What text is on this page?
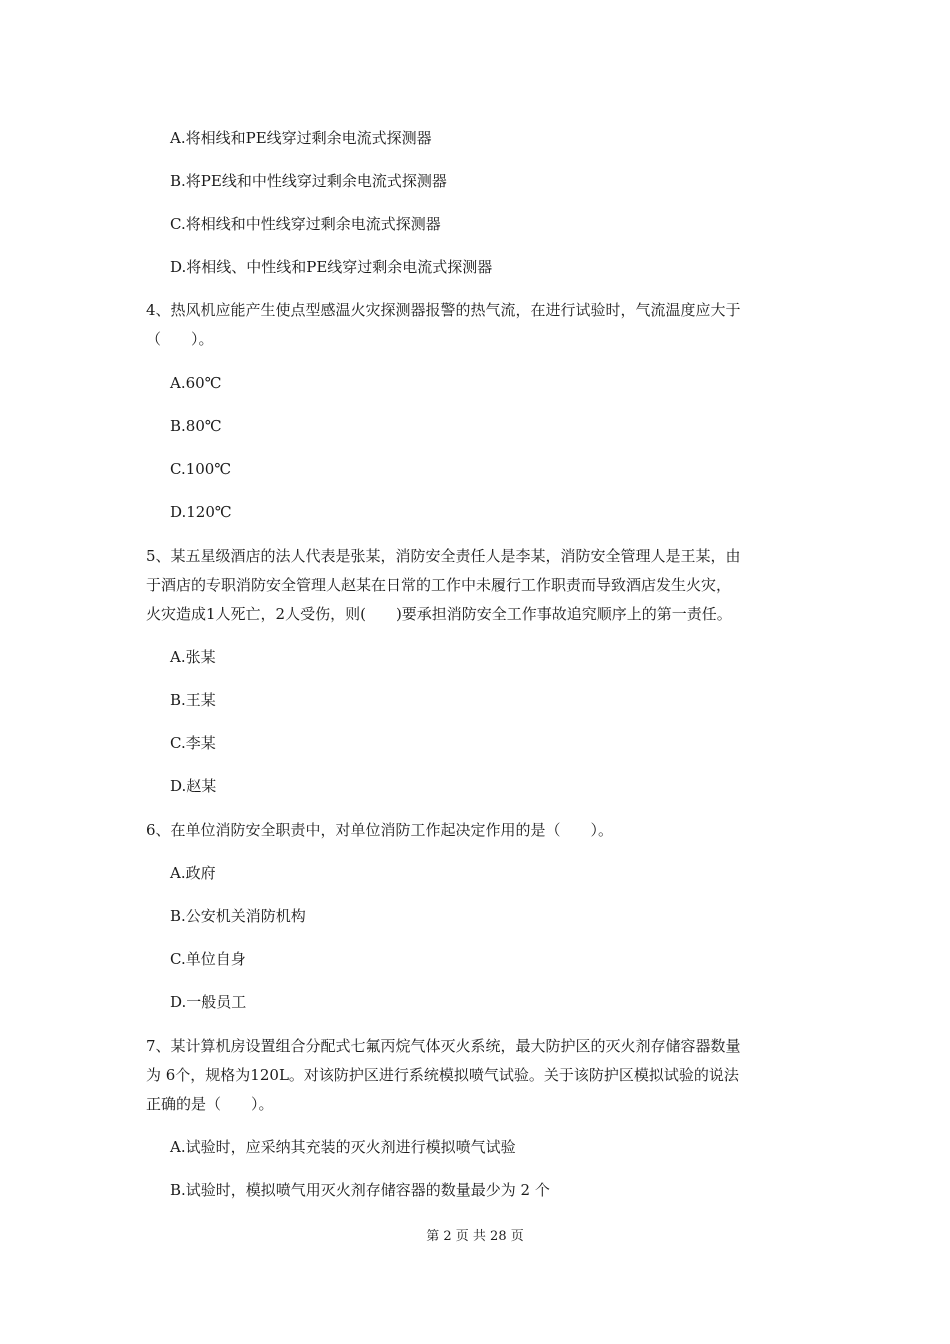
A.将相线和PE线穿过剩余电流式探测器
B.将PE线和中性线穿过剩余电流式探测器
C.将相线和中性线穿过剩余电流式探测器
D.将相线、中性线和PE线穿过剩余电流式探测器
4、热风机应能产生使点型感温火灾探测器报警的热气流，在进行试验时，气流温度应大于
（　　）。
A.60℃
B.80℃
C.100℃
D.120℃
5、某五星级酒店的法人代表是张某，消防安全责任人是李某，消防安全管理人是王某，由
于酒店的专职消防安全管理人赵某在日常的工作中未履行工作职责而导致酒店发生火灾，
火灾造成1人死亡，2人受伤，则(　　)要承担消防安全工作事故追究顺序上的第一责任。
A.张某
B.王某
C.李某
D.赵某
6、在单位消防安全职责中，对单位消防工作起决定作用的是（　　）。
A.政府
B.公安机关消防机构
C.单位自身
D.一般员工
7、某计算机房设置组合分配式七氟丙烷气体灭火系统，最大防护区的灭火剂存储容器数量
为 6个，规格为120L。对该防护区进行系统模拟喷气试验。关于该防护区模拟试验的说法
正确的是（　　）。
A.试验时，应采纳其充装的灭火剂进行模拟喷气试验
B.试验时，模拟喷气用灭火剂存储容器的数量最少为 2 个
第 2 页 共 28 页
